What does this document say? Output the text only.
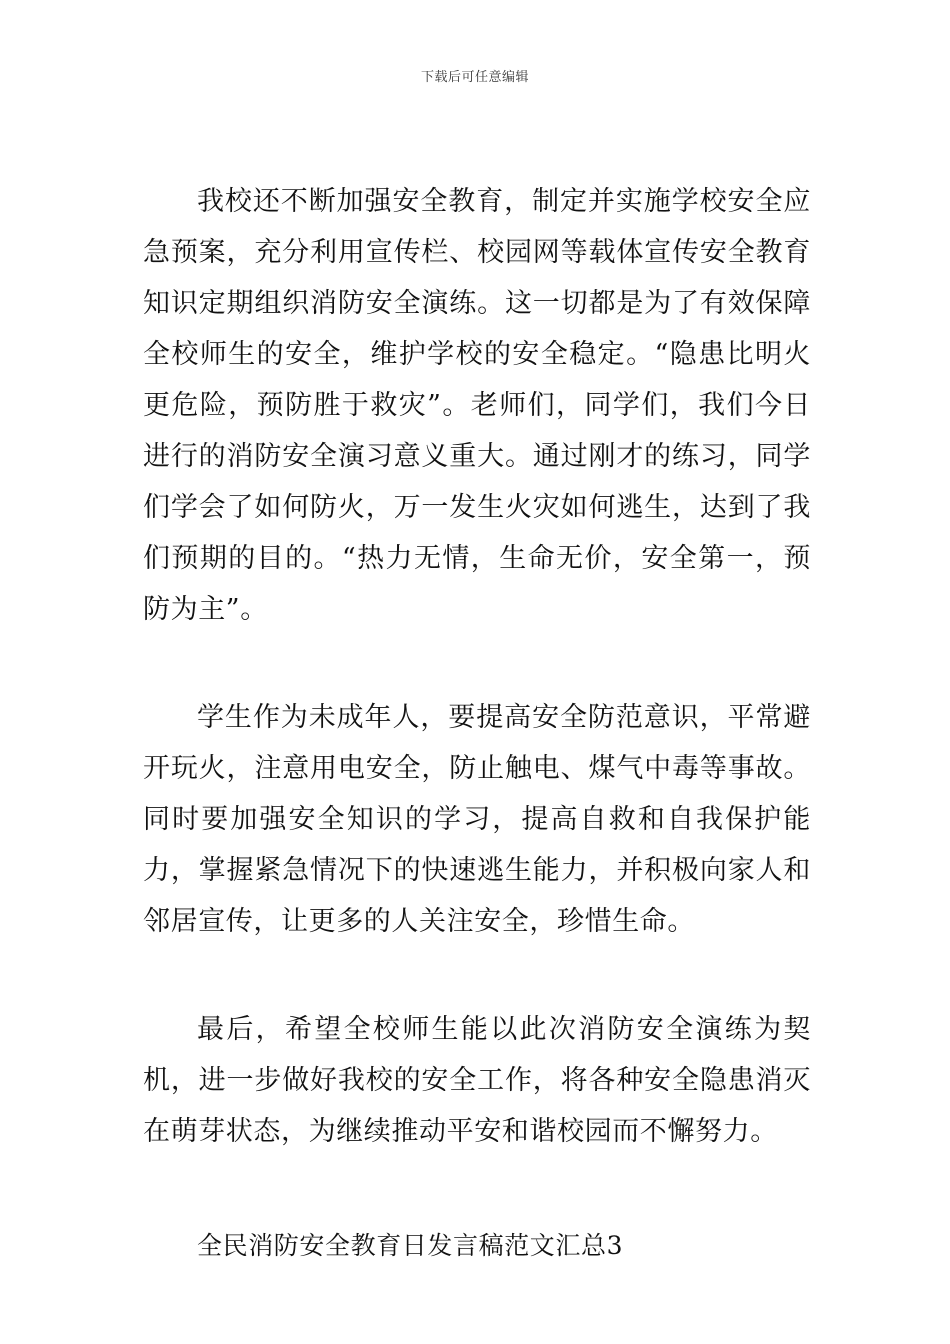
下载后可任意编辑

我校还不断加强安全教育，制定并实施学校安全应急预案，充分利用宣传栏、校园网等载体宣传安全教育知识定期组织消防安全演练。这一切都是为了有效保障全校师生的安全，维护学校的安全稳定。“隐患比明火更危险，预防胜于救灾”。老师们，同学们，我们今日进行的消防安全演习意义重大。通过刚才的练习，同学们学会了如何防火，万一发生火灾如何逃生，达到了我们预期的目的。“热力无情，生命无价，安全第一，预防为主”。

学生作为未成年人，要提高安全防范意识，平常避开玩火，注意用电安全，防止触电、煤气中毒等事故。同时要加强安全知识的学习，提高自救和自我保护能力，掌握紧急情况下的快速逃生能力，并积极向家人和邻居宣传，让更多的人关注安全，珍惜生命。

最后，希望全校师生能以此次消防安全演练为契机，进一步做好我校的安全工作，将各种安全隐患消灭在萌芽状态，为继续推动平安和谐校园而不懈努力。

全民消防安全教育日发言稿范文汇总3
